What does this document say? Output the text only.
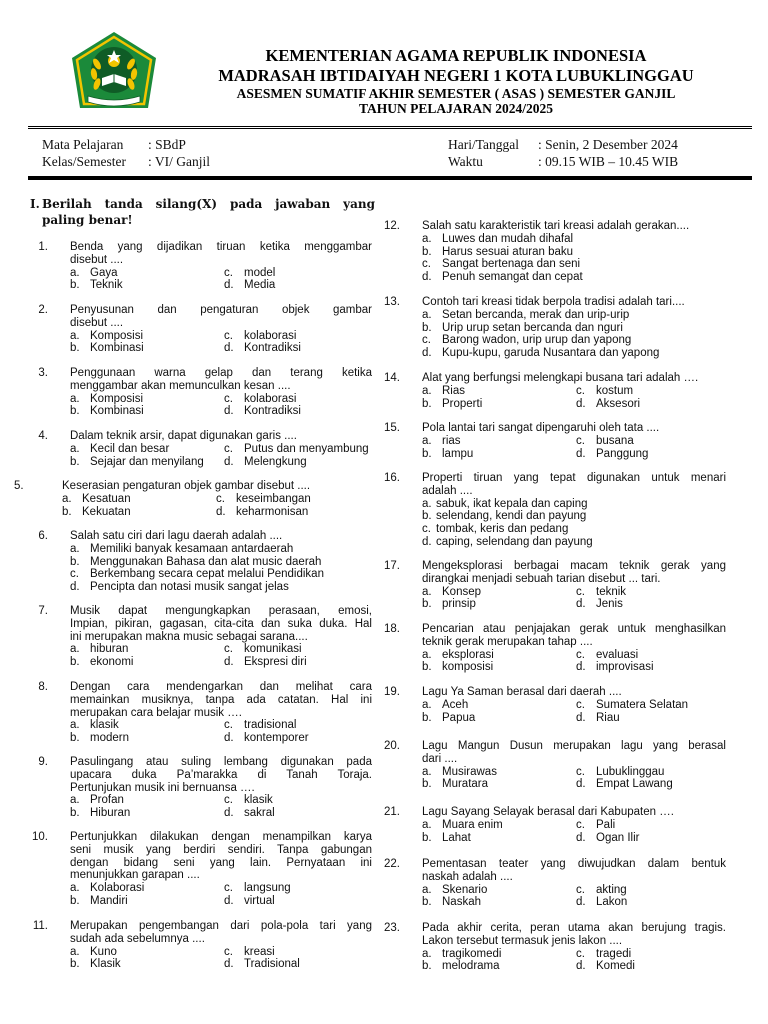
KEMENTERIAN AGAMA REPUBLIK INDONESIA
MADRASAH IBTIDAIYAH NEGERI 1 KOTA LUBUKLINGGAU
ASESMEN SUMATIF AKHIR SEMESTER ( ASAS ) SEMESTER GANJIL
TAHUN PELAJARAN 2024/2025
Mata Pelajaran : SBdP
Kelas/Semester : VI/ Ganjil
Hari/Tanggal : Senin, 2 Desember 2024
Waktu	: 09.15 WIB – 10.45 WIB
I. Berilah tanda silang(X) pada jawaban yang paling benar!
1. Benda yang dijadikan tiruan ketika menggambar
disebut ....
a. Gaya	c. model
b. Teknik	d. Media
2. Penyusunan dan pengaturan objek gambar
disebut ....
a. Komposisi	c. kolaborasi
b. Kombinasi	d. Kontradiksi
3. Penggunaan warna gelap dan terang ketika
menggambar akan memunculkan kesan ....
a. Komposisi	c. kolaborasi
b. Kombinasi	d. Kontradiksi
4. Dalam teknik arsir, dapat digunakan garis ....
a. Kecil dan besar	c. Putus dan menyambung
b. Sejajar dan menyilang d. Melengkung
5.	Keserasian pengaturan objek gambar disebut ....
a. Kesatuan	c. keseimbangan
b. Kekuatan	d. keharmonisan
6. Salah satu ciri dari lagu daerah adalah ....
a. Memiliki banyak kesamaan antardaerah
b. Menggunakan Bahasa dan alat music daerah
c. Berkembang secara cepat melalui Pendidikan
d. Pencipta dan notasi musik sangat jelas
7. Musik dapat mengungkapkan perasaan, emosi,
Impian, pikiran, gagasan, cita-cita dan suka duka. Hal
ini merupakan makna music sebagai sarana....
a. hiburan	c. komunikasi
b. ekonomi	d. Ekspresi diri
8. Dengan cara mendengarkan dan melihat cara
memainkan musiknya, tanpa ada catatan. Hal ini
merupakan cara belajar musik ….
a. klasik	c. tradisional
b. modern	d. kontemporer
9. Pasulingang atau suling lembang digunakan pada
upacara duka Pa’marakka di Tanah Toraja.
Pertunjukan musik ini bernuansa ….
a. Profan	c. klasik
b. Hiburan	d. sakral
10. Pertunjukkan dilakukan dengan menampilkan karya
seni musik yang berdiri sendiri. Tanpa gabungan
dengan bidang seni yang lain. Pernyataan ini
menunjukkan garapan ....
a. Kolaborasi	c. langsung
b. Mandiri	d. virtual
11. Merupakan pengembangan dari pola-pola tari yang
sudah ada sebelumnya ....
a. Kuno	c. kreasi
b. Klasik	d. Tradisional
12. Salah satu karakteristik tari kreasi adalah gerakan....
a. Luwes dan mudah dihafal
b. Harus sesuai aturan baku
c. Sangat bertenaga dan seni
d. Penuh semangat dan cepat
13. Contoh tari kreasi tidak berpola tradisi adalah tari....
a. Setan bercanda, merak dan urip-urip
b. Urip urup setan bercanda dan nguri
c. Barong wadon, urip urup dan yapong
d. Kupu-kupu, garuda Nusantara dan yapong
14. Alat yang berfungsi melengkapi busana tari adalah ….
a. Rias	c. kostum
b. Properti	d. Aksesori
15. Pola lantai tari sangat dipengaruhi oleh tata ....
a. rias	c. busana
b. lampu	d. Panggung
16. Properti tiruan yang tepat digunakan untuk menari
adalah ....
a. sabuk, ikat kepala dan caping
b. selendang, kendi dan payung
c. tombak, keris dan pedang
d. caping, selendang dan payung
17. Mengeksplorasi berbagai macam teknik gerak yang
dirangkai menjadi sebuah tarian disebut ... tari.
a. Konsep	c. teknik
b. prinsip	d. Jenis
18. Pencarian atau penjajakan gerak untuk menghasilkan
teknik gerak merupakan tahap ....
a. eksplorasi	c. evaluasi
b. komposisi	d. improvisasi
19. Lagu Ya Saman berasal dari daerah ....
a. Aceh	c. Sumatera Selatan
b. Papua	d. Riau
20. Lagu Mangun Dusun merupakan lagu yang berasal
dari ....
a. Musirawas	c. Lubuklinggau
b. Muratara	d. Empat Lawang
21. Lagu Sayang Selayak berasal dari Kabupaten ….
a. Muara enim	c. Pali
b. Lahat	d. Ogan Ilir
22. Pementasan teater yang diwujudkan dalam bentuk
naskah adalah ....
a. Skenario	c. akting
b. Naskah	d. Lakon
23. Pada akhir cerita, peran utama akan berujung tragis.
Lakon tersebut termasuk jenis lakon ....
a. tragikomedi	c. tragedi
b. melodrama	d. Komedi
